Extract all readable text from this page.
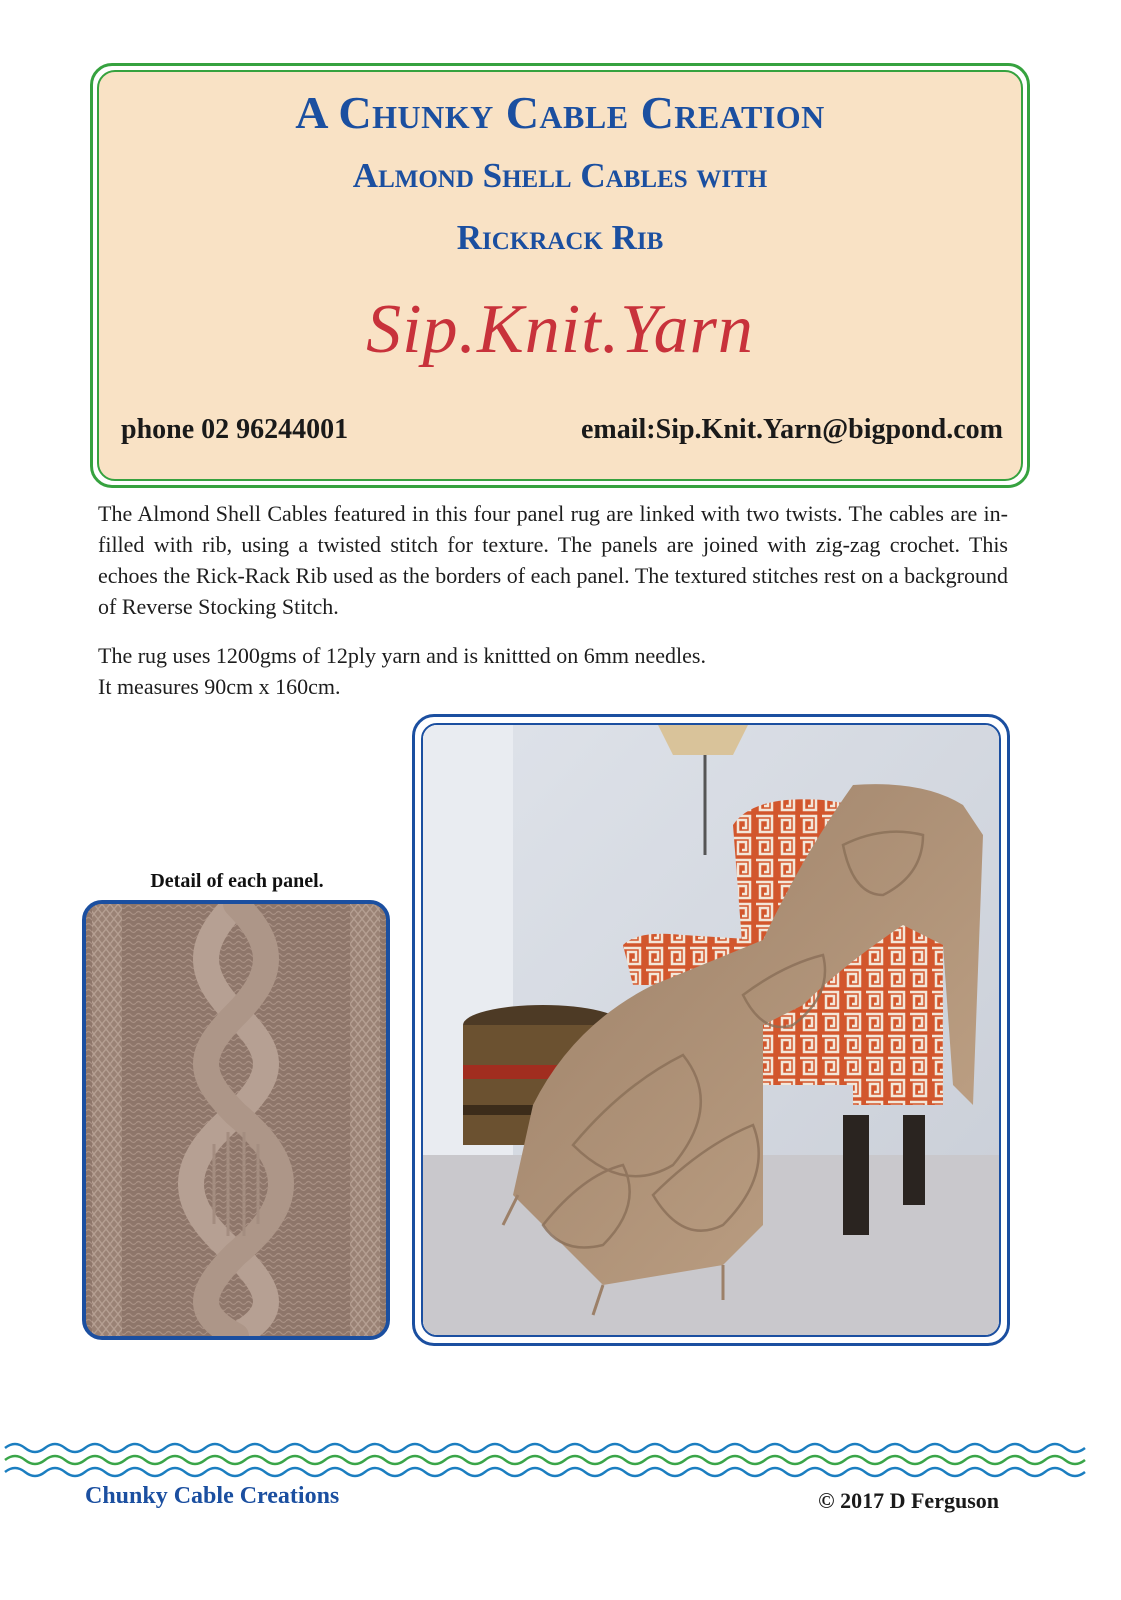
A Chunky Cable Creation
Almond Shell Cables with
Rickrack Rib
Sip.Knit.Yarn
phone 02 96244001	email:Sip.Knit.Yarn@bigpond.com

The Almond Shell Cables featured in this four panel rug are linked with two twists. The cables are in-filled with rib, using a twisted stitch for texture. The panels are joined with zig-zag crochet. This echoes the Rick-Rack Rib used as the borders of each panel. The textured stitches rest on a background of Reverse Stocking Stitch.

The rug uses 1200gms of 12ply yarn and is knittted on 6mm needles.
It measures 90cm x 160cm.

Detail of each panel.
Chunky Cable Creations	© 2017 D Ferguson
